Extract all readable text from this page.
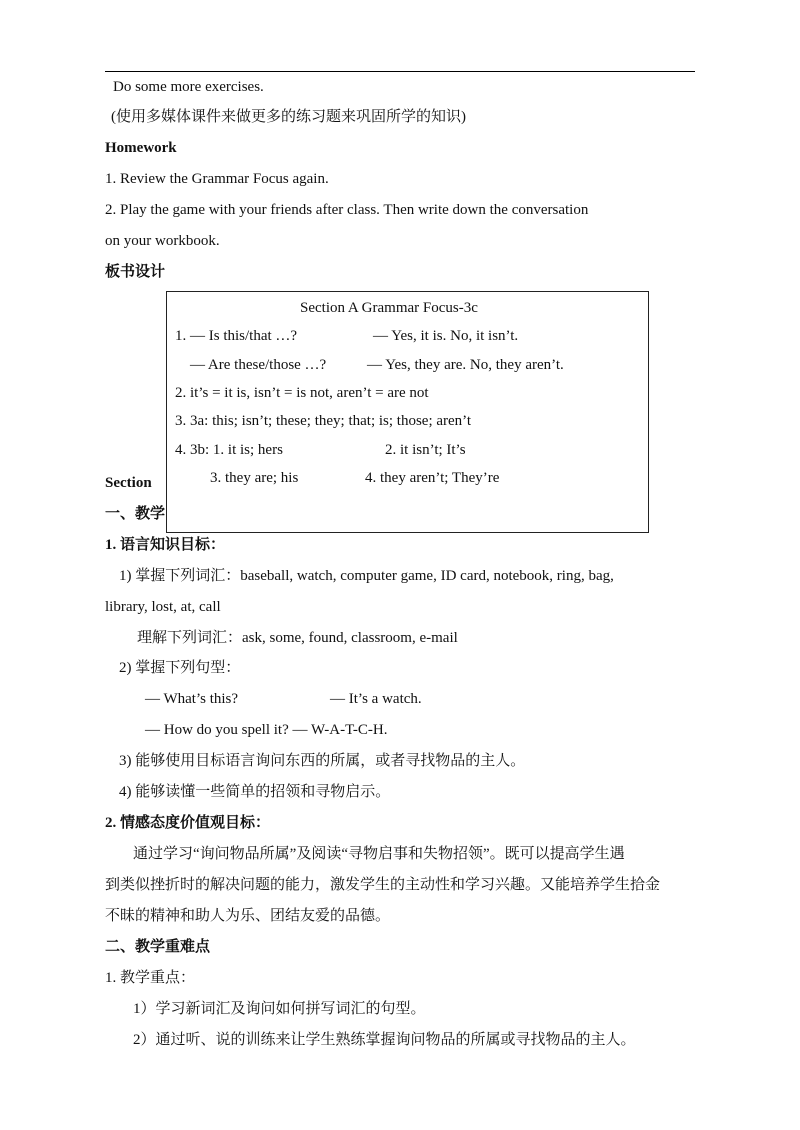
Do some more exercises.
(使用多媒体课件来做更多的练习题来巩固所学的知识)
Homework
1. Review the Grammar Focus again.
2. Play the game with your friends after class. Then write down the conversation
on your workbook.
板书设计
Section
一、教学
Section A Grammar Focus-3c
1. — Is this/that …?	— Yes, it is. No, it isn’t.
— Are these/those …?	— Yes, they are. No, they aren’t.
2. it’s = it is, isn’t = is not, aren’t = are not
3. 3a: this; isn’t; these; they; that; is; those; aren’t
4. 3b: 1. it is; hers	2. it isn’t; It’s
3. they are; his	4. they aren’t; They’re
1. 语言知识目标：
1) 掌握下列词汇：baseball, watch, computer game, ID card, notebook, ring, bag,
library, lost, at, call
理解下列词汇：ask, some, found, classroom, e-mail
2) 掌握下列句型：
— What’s this?	— It’s a watch.
— How do you spell it? — W-A-T-C-H.
3) 能够使用目标语言询问东西的所属，或者寻找物品的主人。
4) 能够读懂一些简单的招领和寻物启示。
2. 情感态度价值观目标：
通过学习“询问物品所属”及阅读“寻物启事和失物招领”。既可以提高学生遇
到类似挫折时的解决问题的能力，激发学生的主动性和学习兴趣。又能培养学生拾金
不昧的精神和助人为乐、团结友爱的品德。
二、教学重难点
1. 教学重点：
1）学习新词汇及询问如何拼写词汇的句型。
2）通过听、说的训练来让学生熟练掌握询问物品的所属或寻找物品的主人。
